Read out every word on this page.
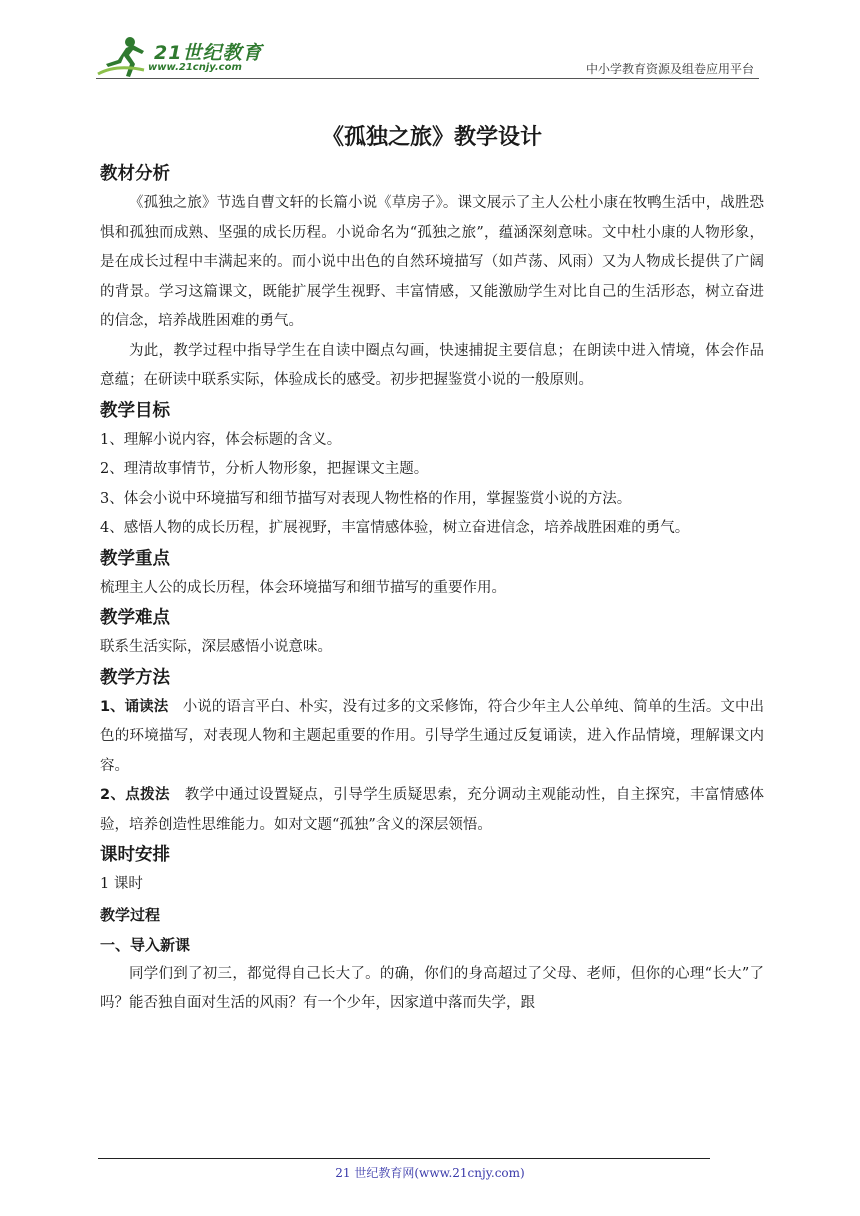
21世纪教育
www.21cnjy.com	中小学教育资源及组卷应用平台
《孤独之旅》教学设计
教材分析

《孤独之旅》节选自曹文轩的长篇小说《草房子》。课文展示了主人公杜小康在牧鸭生活中，战胜恐惧和孤独而成熟、坚强的成长历程。小说命名为“孤独之旅”，蕴涵深刻意味。文中杜小康的人物形象，是在成长过程中丰满起来的。而小说中出色的自然环境描写（如芦荡、风雨）又为人物成长提供了广阔的背景。学习这篇课文，既能扩展学生视野、丰富情感，又能激励学生对比自己的生活形态，树立奋进的信念，培养战胜困难的勇气。

为此，教学过程中指导学生在自读中圈点勾画，快速捕捉主要信息；在朗读中进入情境，体会作品意蕴；在研读中联系实际，体验成长的感受。初步把握鉴赏小说的一般原则。

教学目标

1、理解小说内容，体会标题的含义。

2、理清故事情节，分析人物形象，把握课文主题。

3、体会小说中环境描写和细节描写对表现人物性格的作用，掌握鉴赏小说的方法。

4、感悟人物的成长历程，扩展视野，丰富情感体验，树立奋进信念，培养战胜困难的勇气。

教学重点

梳理主人公的成长历程，体会环境描写和细节描写的重要作用。

教学难点

联系生活实际，深层感悟小说意味。

教学方法

1、诵读法　小说的语言平白、朴实，没有过多的文采修饰，符合少年主人公单纯、简单的生活。文中出色的环境描写，对表现人物和主题起重要的作用。引导学生通过反复诵读，进入作品情境，理解课文内容。

2、点拨法　教学中通过设置疑点，引导学生质疑思索，充分调动主观能动性，自主探究，丰富情感体验，培养创造性思维能力。如对文题“孤独”含义的深层领悟。

课时安排

1 课时

教学过程
一、导入新课

同学们到了初三，都觉得自己长大了。的确，你们的身高超过了父母、老师，但你的心理“长大”了吗？能否独自面对生活的风雨？有一个少年，因家道中落而失学，跟

21 世纪教育网(www.21cnjy.com)
